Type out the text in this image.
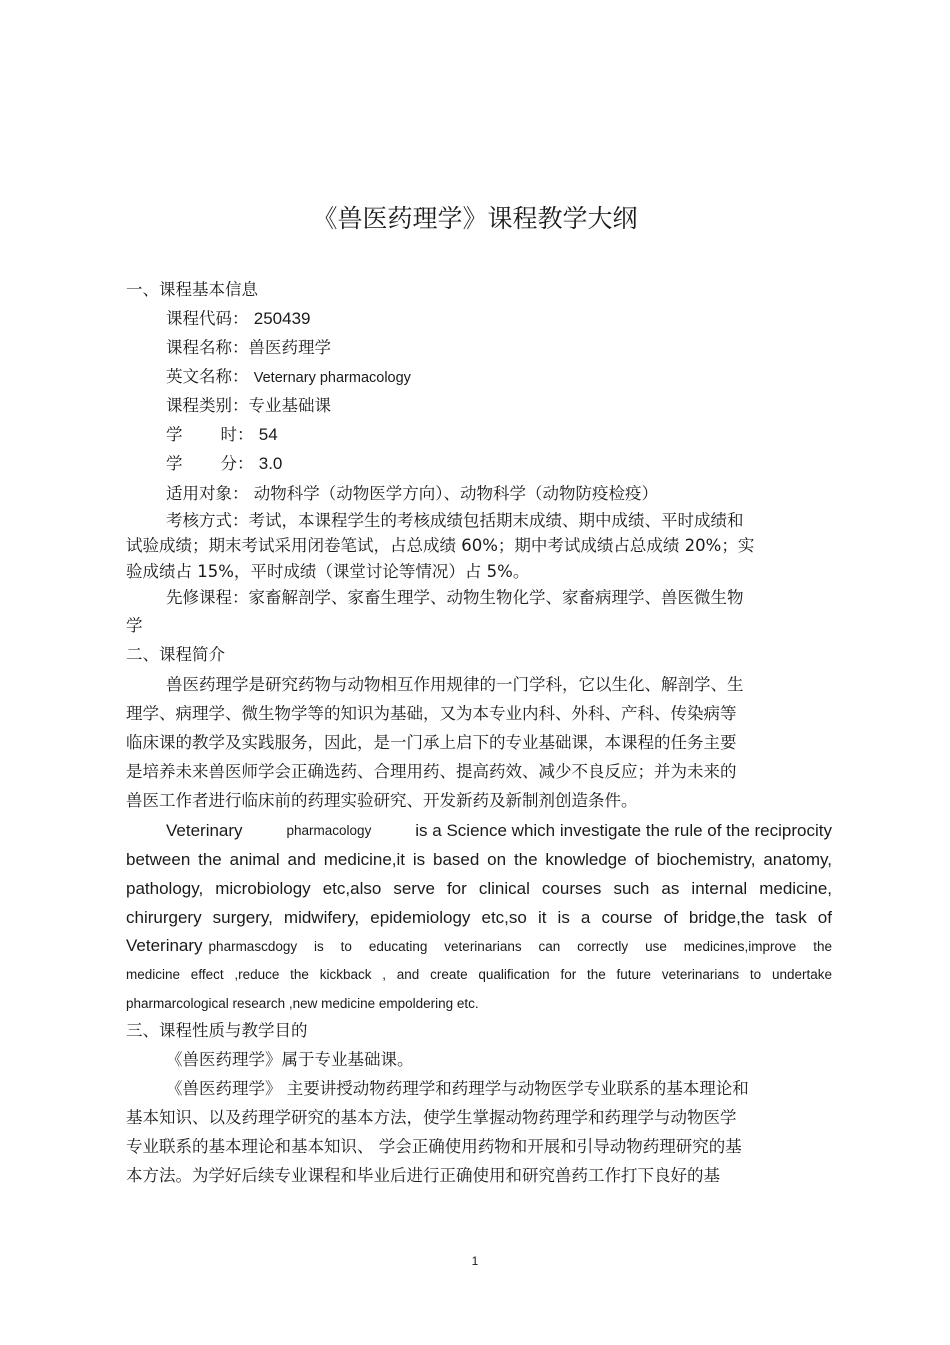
《兽医药理学》课程教学大纲
一、课程基本信息
课程代码： 250439
课程名称：兽医药理学
英文名称： Veternary pharmacology
课程类别：专业基础课
学 时： 54
学 分： 3.0
适用对象： 动物科学（动物医学方向）、动物科学（动物防疫检疫）
考核方式：考试，本课程学生的考核成绩包括期末成绩、期中成绩、平时成绩和
试验成绩；期末考试采用闭卷笔试，占总成绩 60%；期中考试成绩占总成绩 20%；实
验成绩占 15%，平时成绩（课堂讨论等情况）占 5%。
先修课程：家畜解剖学、家畜生理学、动物生物化学、家畜病理学、兽医微生物
学
二、课程简介
兽医药理学是研究药物与动物相互作用规律的一门学科，它以生化、解剖学、生
理学、病理学、微生物学等的知识为基础，又为本专业内科、外科、产科、传染病等
临床课的教学及实践服务，因此，是一门承上启下的专业基础课，本课程的任务主要
是培养未来兽医师学会正确选药、合理用药、提高药效、减少不良反应；并为未来的
兽医工作者进行临床前的药理实验研究、开发新药及新制剂创造条件。
Veterinary	pharmacology	is a Science which investigate the rule of the reciprocity
between the animal and medicine,it is based on the knowledge of biochemistry, anatomy,
pathology, microbiology etc,also serve for clinical courses such as internal medicine,
chirurgery surgery, midwifery, epidemiology etc,so it is a course of bridge,the task of
Veterinary pharmascdogy is to educating veterinarians can correctly use medicines,improve the
medicine effect ,reduce the kickback , and create qualification for the future veterinarians to undertake
pharmarcological research ,new medicine empoldering etc.
三、课程性质与教学目的
《兽医药理学》属于专业基础课。
《兽医药理学》 主要讲授动物药理学和药理学与动物医学专业联系的基本理论和
基本知识、以及药理学研究的基本方法，使学生掌握动物药理学和药理学与动物医学
专业联系的基本理论和基本知识、 学会正确使用药物和开展和引导动物药理研究的基
本方法。为学好后续专业课程和毕业后进行正确使用和研究兽药工作打下良好的基
1
